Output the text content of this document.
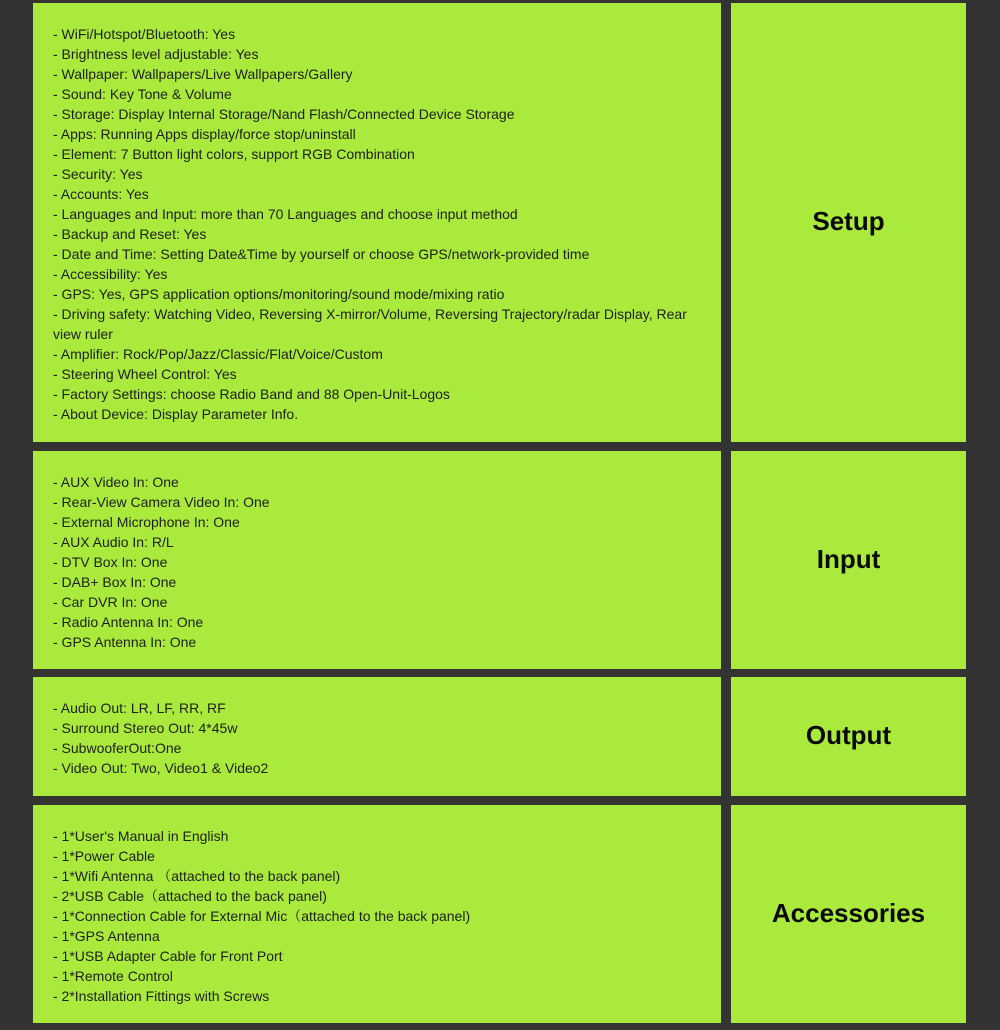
- WiFi/Hotspot/Bluetooth: Yes

- Brightness level adjustable: Yes

- Wallpaper: Wallpapers/Live Wallpapers/Gallery

- Sound: Key Tone & Volume

- Storage: Display Internal Storage/Nand Flash/Connected Device Storage

- Apps: Running Apps display/force stop/uninstall

- Element: 7 Button light colors, support RGB Combination

- Security: Yes

- Accounts: Yes

- Languages and Input: more than 70 Languages and choose input method

- Backup and Reset: Yes

- Date and Time: Setting Date&Time by yourself or choose GPS/network-provided time

- Accessibility: Yes

- GPS: Yes, GPS application options/monitoring/sound mode/mixing ratio

- Driving safety: Watching Video, Reversing X-mirror/Volume, Reversing Trajectory/radar Display, Rear view ruler

- Amplifier: Rock/Pop/Jazz/Classic/Flat/Voice/Custom

- Steering Wheel Control: Yes

- Factory Settings: choose Radio Band and 88 Open-Unit-Logos

- About Device: Display Parameter Info.

Setup

- AUX Video In: One

- Rear-View Camera Video In: One

- External Microphone In: One

- AUX Audio In: R/L

- DTV Box In: One

- DAB+ Box In: One

- Car DVR In: One

- Radio Antenna In: One

- GPS Antenna In: One

Input

- Audio Out: LR, LF, RR, RF

- Surround Stereo Out: 4*45w

- SubwooferOut:One

- Video Out: Two, Video1 & Video2

Output

- 1*User's Manual in English

- 1*Power Cable

- 1*Wifi Antenna （attached to the back panel)

- 2*USB Cable（attached to the back panel)

- 1*Connection Cable for External Mic（attached to the back panel)

- 1*GPS Antenna

- 1*USB Adapter Cable for Front Port

- 1*Remote Control

- 2*Installation Fittings with Screws

Accessories
